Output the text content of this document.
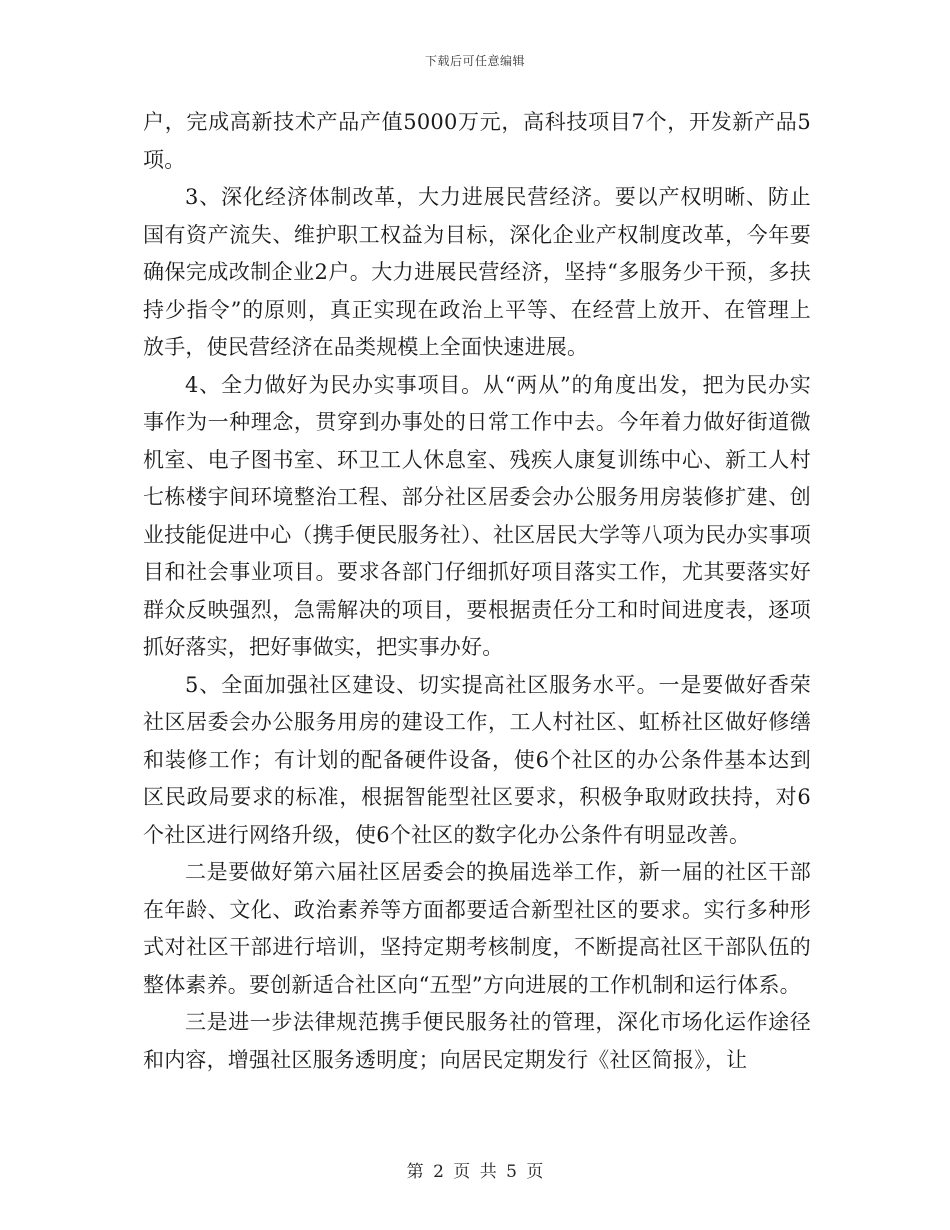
下载后可任意编辑

户，完成高新技术产品产值5000万元，高科技项目7个，开发新产品5项。

3、深化经济体制改革，大力进展民营经济。要以产权明晰、防止国有资产流失、维护职工权益为目标，深化企业产权制度改革，今年要确保完成改制企业2户。大力进展民营经济，坚持“多服务少干预，多扶持少指令”的原则，真正实现在政治上平等、在经营上放开、在管理上放手，使民营经济在品类规模上全面快速进展。

4、全力做好为民办实事项目。从“两从”的角度出发，把为民办实事作为一种理念，贯穿到办事处的日常工作中去。今年着力做好街道微机室、电子图书室、环卫工人休息室、残疾人康复训练中心、新工人村七栋楼宇间环境整治工程、部分社区居委会办公服务用房装修扩建、创业技能促进中心（携手便民服务社）、社区居民大学等八项为民办实事项目和社会事业项目。要求各部门仔细抓好项目落实工作，尤其要落实好群众反映强烈，急需解决的项目，要根据责任分工和时间进度表，逐项抓好落实，把好事做实，把实事办好。

5、全面加强社区建设、切实提高社区服务水平。一是要做好香荣社区居委会办公服务用房的建设工作，工人村社区、虹桥社区做好修缮和装修工作；有计划的配备硬件设备，使6个社区的办公条件基本达到区民政局要求的标准，根据智能型社区要求，积极争取财政扶持，对6个社区进行网络升级，使6个社区的数字化办公条件有明显改善。

二是要做好第六届社区居委会的换届选举工作，新一届的社区干部在年龄、文化、政治素养等方面都要适合新型社区的要求。实行多种形式对社区干部进行培训，坚持定期考核制度，不断提高社区干部队伍的整体素养。要创新适合社区向“五型”方向进展的工作机制和运行体系。

三是进一步法律规范携手便民服务社的管理，深化市场化运作途径和内容，增强社区服务透明度；向居民定期发行《社区简报》，让

第 2 页 共 5 页
